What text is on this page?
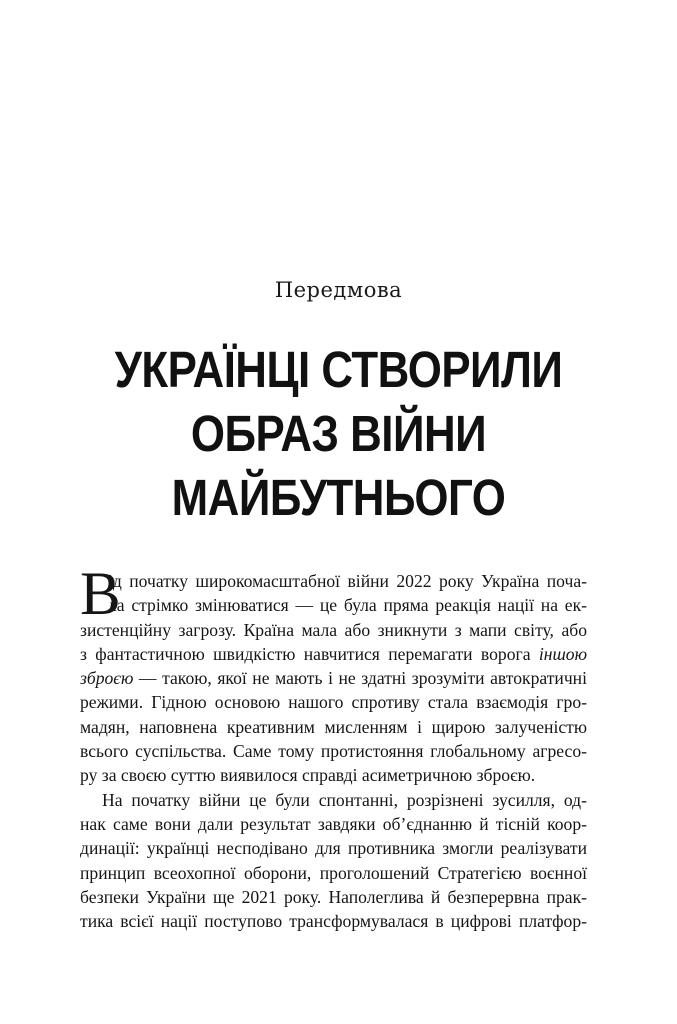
Передмова
УКРАЇНЦІ СТВОРИЛИ
ОБРАЗ ВІЙНИ
МАЙБУТНЬОГО
В
ід початку широкомасштабної війни 2022 року Україна поча-
ла стрімко змінюватися — це була пряма реакція нації на ек-
зистенційну загрозу. Країна мала або зникнути з мапи світу, або
з фантастичною швидкістю навчитися перемагати ворога іншою
зброєю — такою, якої не мають і не здатні зрозуміти автократичні
режими. Гідною основою нашого спротиву стала взаємодія гро-
мадян, наповнена креативним мисленням і щирою залученістю
всього суспільства. Саме тому протистояння глобальному агресо-
ру за своєю суттю виявилося справді асиметричною зброєю.
На початку війни це були спонтанні, розрізнені зусилля, од-
нак саме вони дали результат завдяки об’єднанню й тісній коор-
динації: українці несподівано для противника змогли реалізувати
принцип всеохопної оборони, проголошений Стратегією воєнної
безпеки України ще 2021 року. Наполеглива й безперервна прак-
тика всієї нації поступово трансформувалася в цифрові платфор-
